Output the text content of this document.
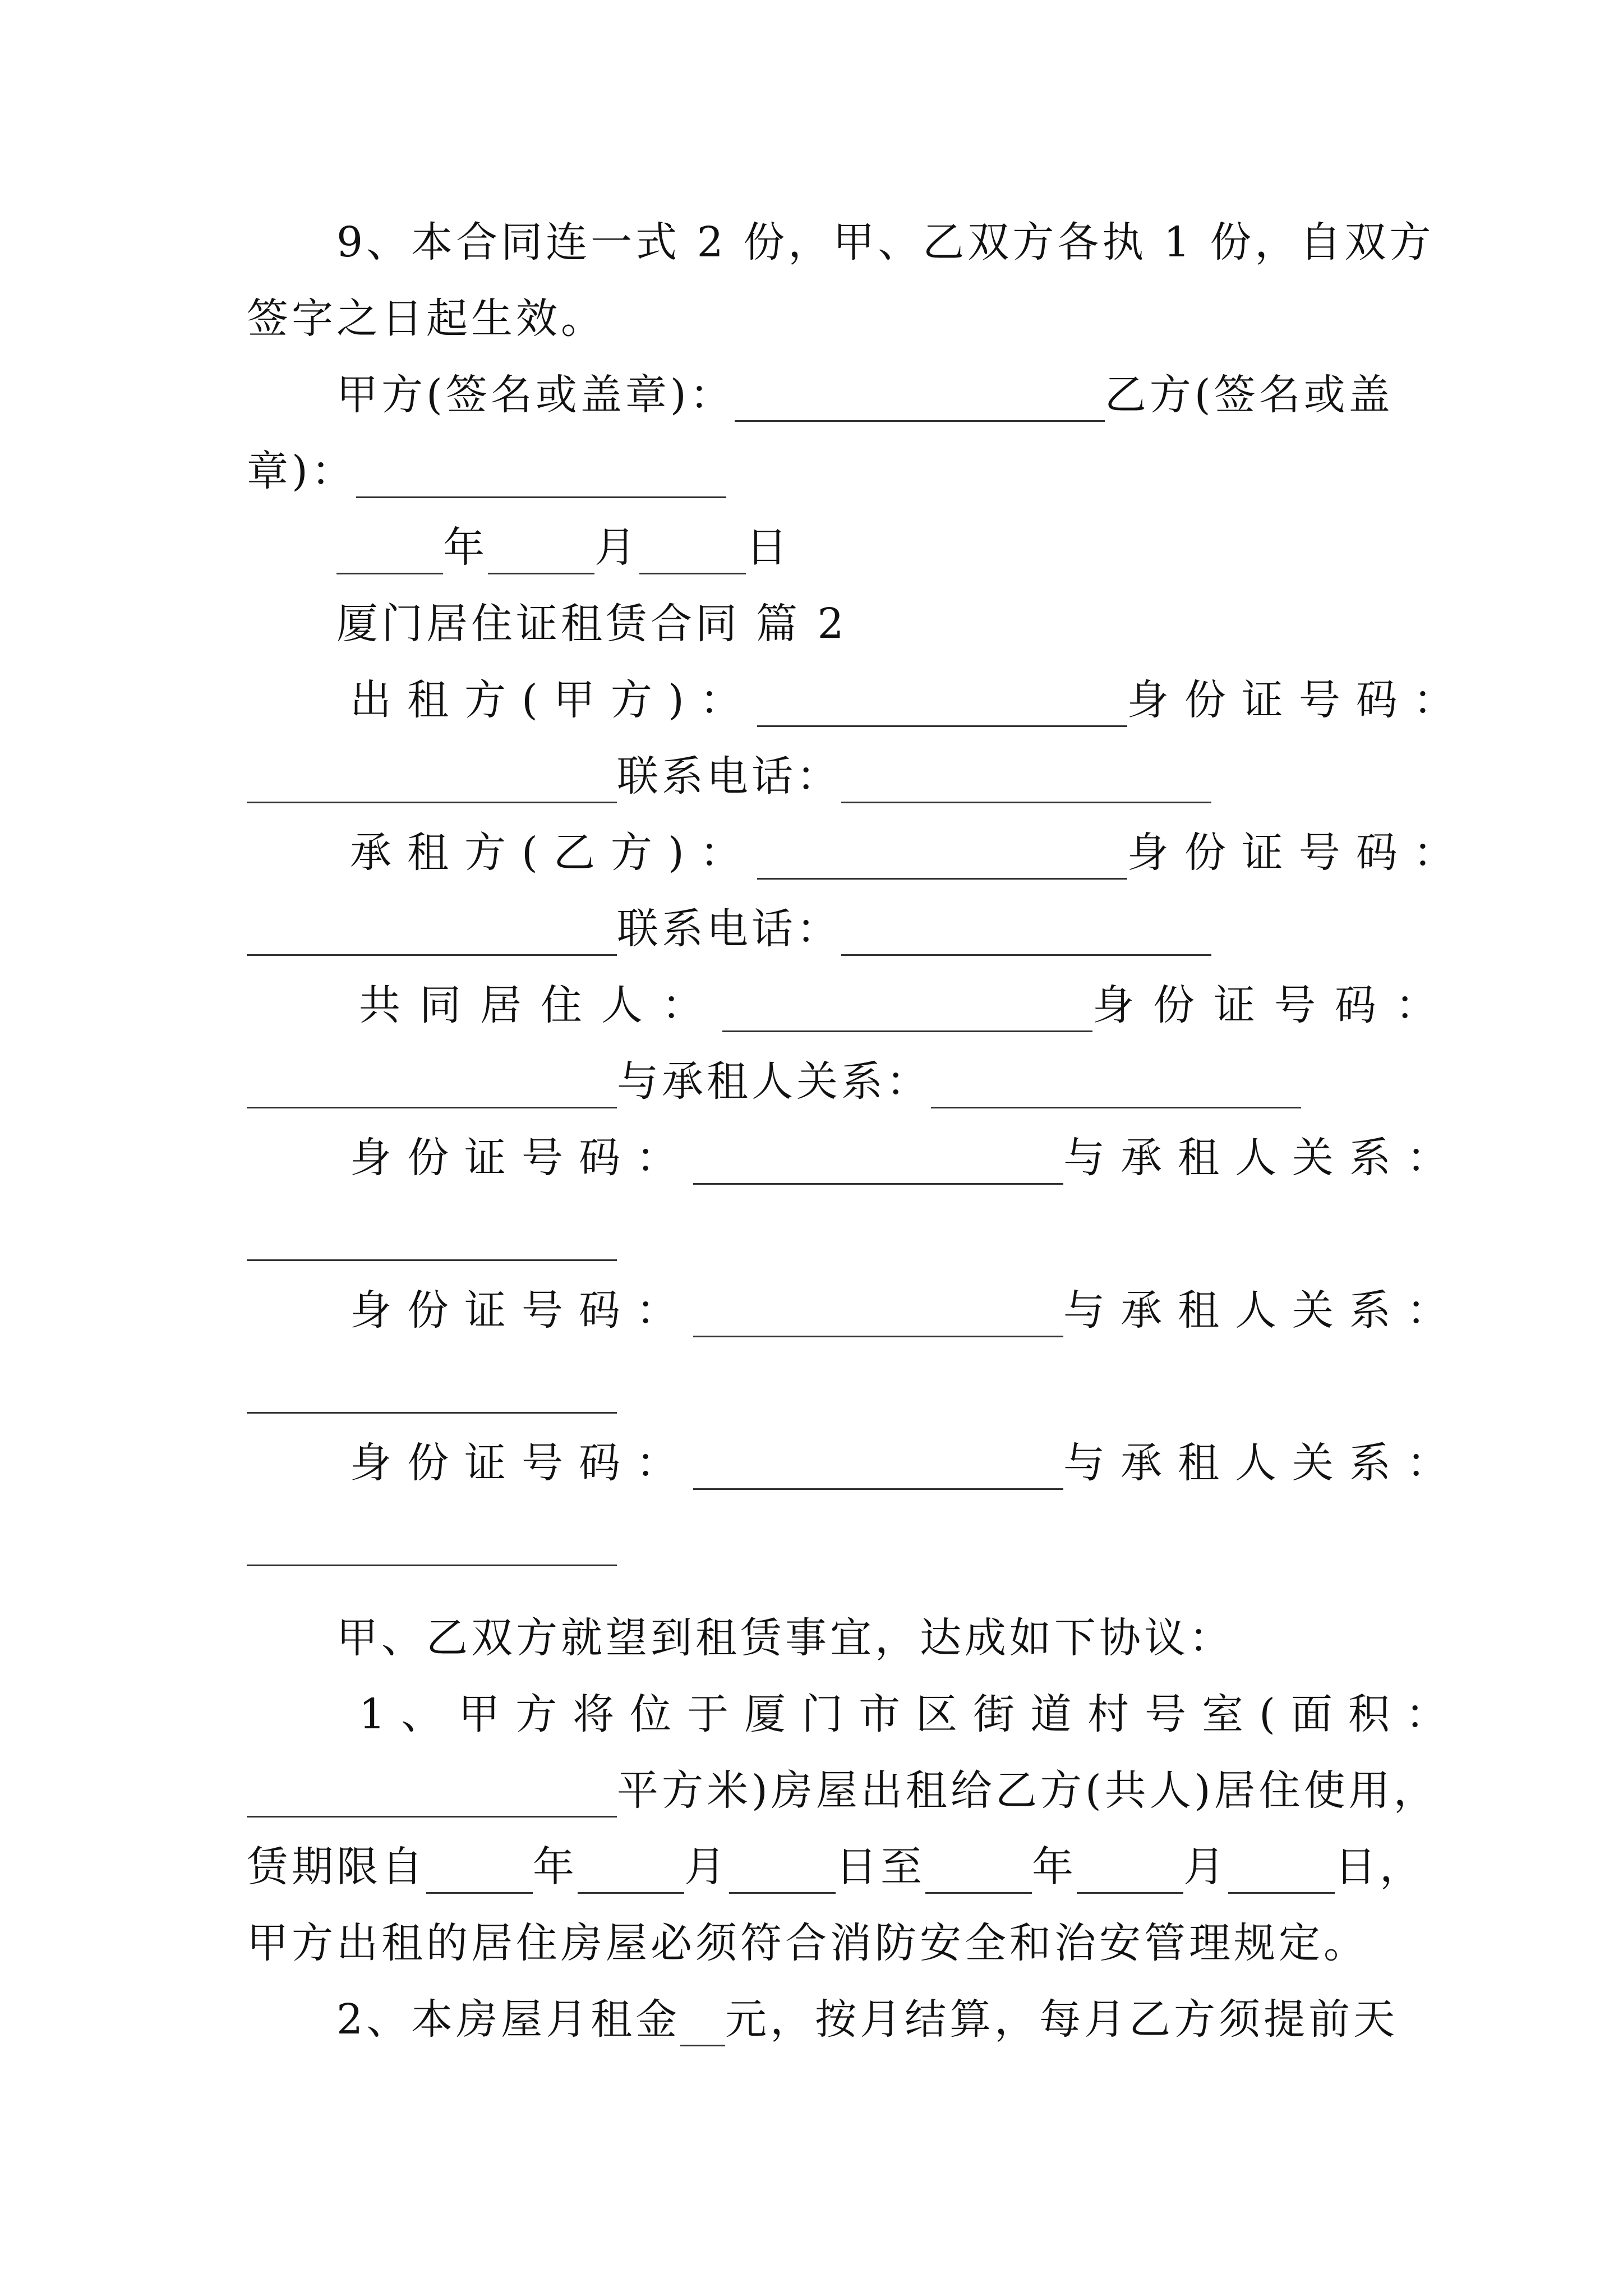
9、本合同连一式 2 份，甲、乙双方各执 1 份，自双方
签字之日起生效。
甲方(签名或盖章)：	乙方(签名或盖
章)：
年	月	日
厦门居住证租赁合同 篇 2
出租方(甲方)：	身份证号码：
联系电话：
承租方(乙方)：	身份证号码：
联系电话：
共同居住人：	身份证号码：
与承租人关系：
身份证号码：	与承租人关系：
身份证号码：	与承租人关系：
身份证号码：	与承租人关系：
甲、乙双方就望到租赁事宜，达成如下协议：
1、甲方将位于厦门市区街道村号室(面积：
平方米)房屋出租给乙方(共人)居住使用，
赁期限自	年	月	日至	年	月	日，
甲方出租的居住房屋必须符合消防安全和治安管理规定。
2、本房屋月租金 元，按月结算，每月乙方须提前天
